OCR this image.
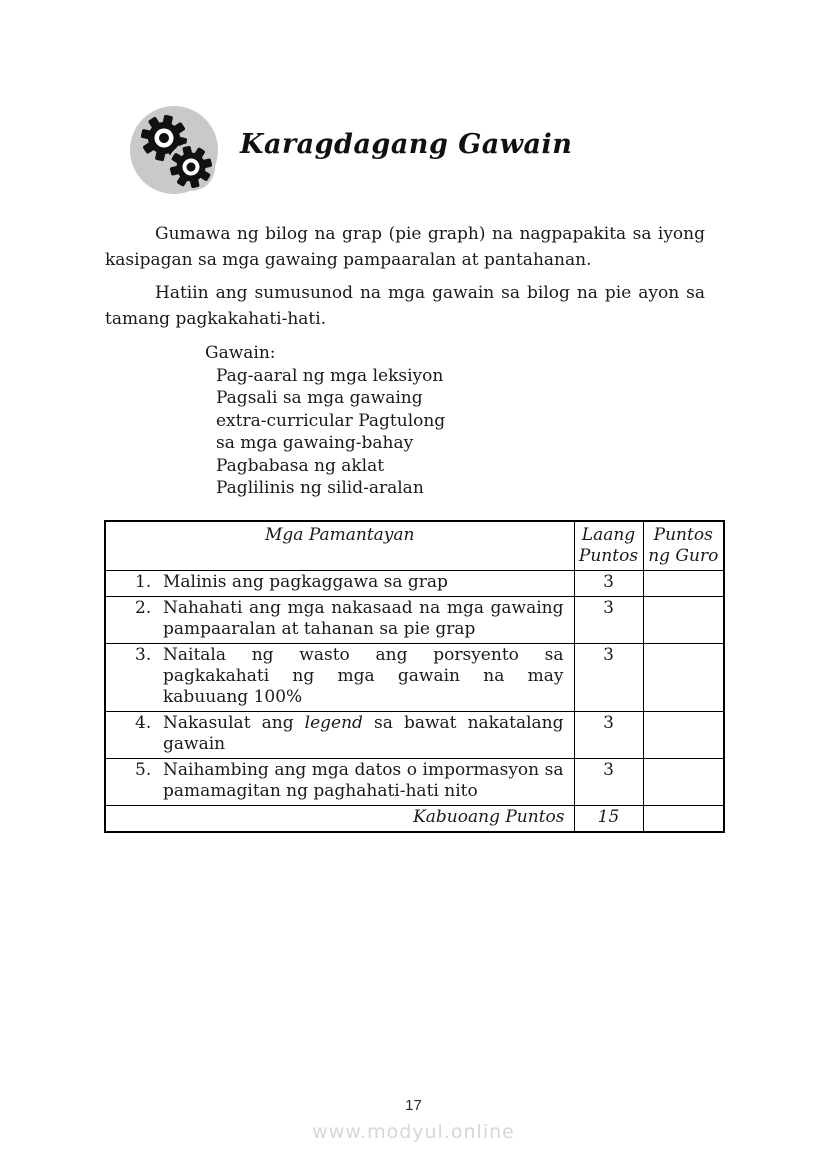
Karagdagang Gawain

Gumawa ng bilog na grap (pie graph) na nagpapakita sa iyong kasipagan sa mga gawaing pampaaralan at pantahanan.

Hatiin ang sumusunod na mga gawain sa bilog na pie ayon sa tamang pagkakahati-hati.

Gawain:
Pag-aaral ng mga leksiyon
Pagsali sa mga gawaing
extra-curricular Pagtulong
sa mga gawaing-bahay
Pagbabasa ng aklat
Paglilinis ng silid-aralan
Mga Pamantayan	Laang Puntos	Puntos ng Guro
1. Malinis ang pagkaggawa sa grap	3	
2. Nahahati ang mga nakasaad na mga gawaing pampaaralan at tahanan sa pie grap	3	
3. Naitala ng wasto ang porsyento sa pagkakahati ng mga gawain na may kabuuang 100%	3	
4. Nakasulat ang legend sa bawat nakatalang gawain	3	
5. Naihambing ang mga datos o impormasyon sa pamamagitan ng paghahati-hati nito	3	
Kabuoang Puntos	15	
17
www.modyul.online
